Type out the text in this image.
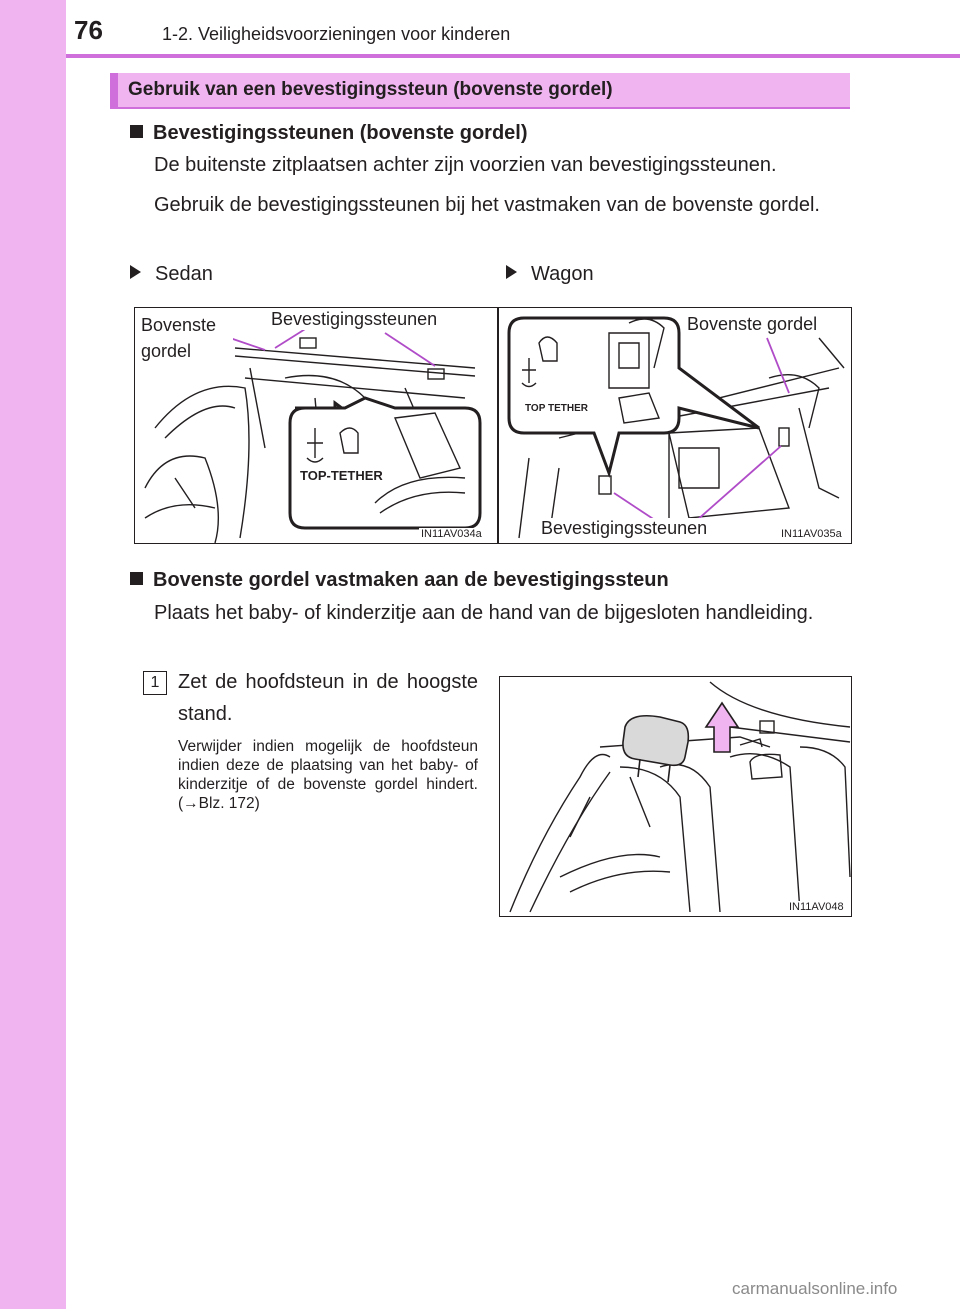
76	1-2. Veiligheidsvoorzieningen voor kinderen
Gebruik van een bevestigingssteun (bovenste gordel)
Bevestigingssteunen (bovenste gordel)
De buitenste zitplaatsen achter zijn voorzien van bevestigingssteunen.
Gebruik de bevestigingssteunen bij het vastmaken van de bovenste gordel.
Sedan	Wagon
TOP-TETHER
Bovenste gordel
Bevestigingssteunen
IN11AV034a
TOP TETHER
Bovenste gordel
Bevestigingssteunen	IN11AV035a
Bovenste gordel vastmaken aan de bevestigingssteun
Plaats het baby- of kinderzitje aan de hand van de bijgesloten handleiding.
1 Zet de hoofdsteun in de hoogste stand.
Verwijder indien mogelijk de hoofdsteun indien deze de plaatsing van het baby- of kinderzitje of de bovenste gordel hindert. (→Blz. 172)
IN11AV048
carmanualsonline.info
